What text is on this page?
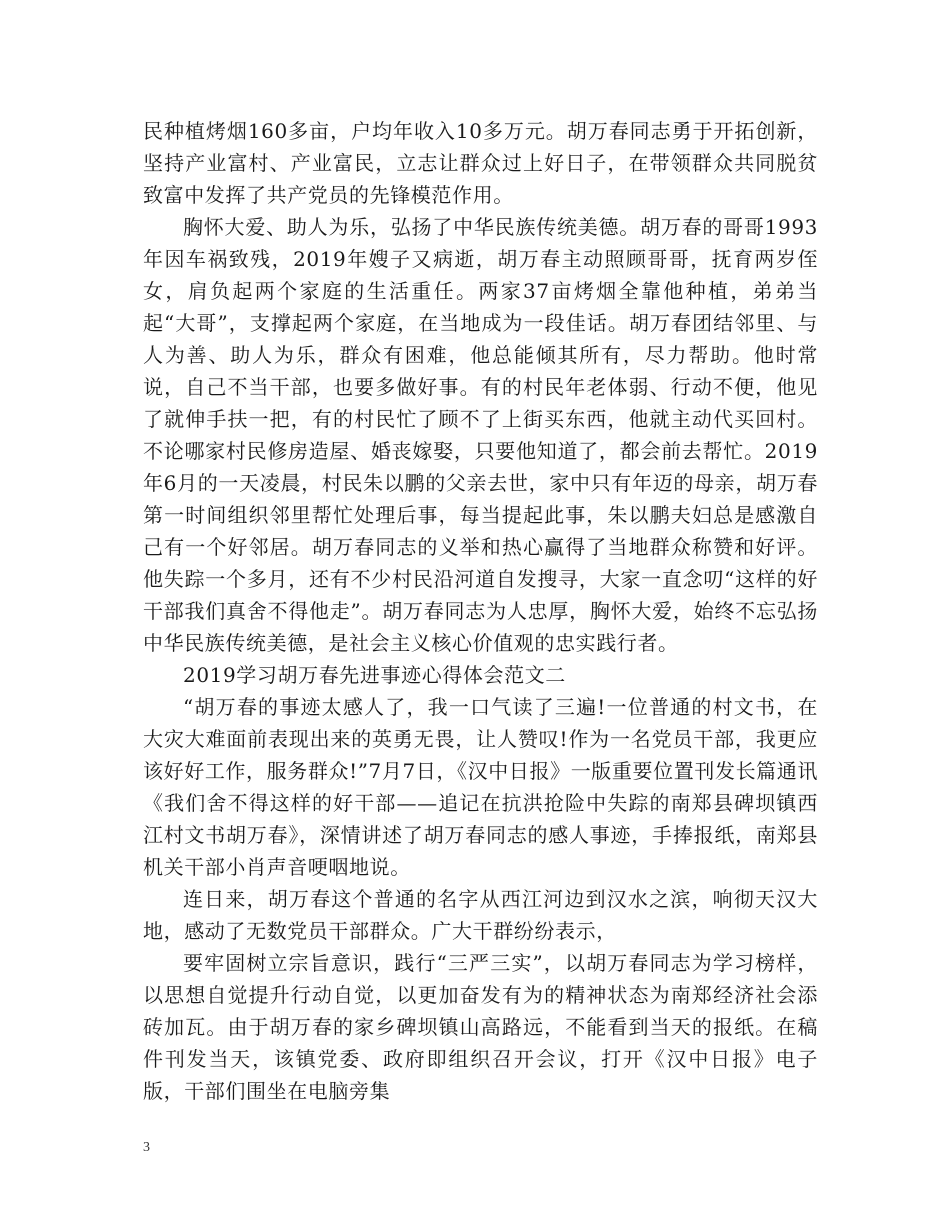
民种植烤烟160多亩，户均年收入10多万元。胡万春同志勇于开拓创新，坚持产业富村、产业富民，立志让群众过上好日子，在带领群众共同脱贫致富中发挥了共产党员的先锋模范作用。

胸怀大爱、助人为乐，弘扬了中华民族传统美德。胡万春的哥哥1993年因车祸致残，2019年嫂子又病逝，胡万春主动照顾哥哥，抚育两岁侄女，肩负起两个家庭的生活重任。两家37亩烤烟全靠他种植，弟弟当起“大哥”，支撑起两个家庭，在当地成为一段佳话。胡万春团结邻里、与人为善、助人为乐，群众有困难，他总能倾其所有，尽力帮助。他时常说，自己不当干部，也要多做好事。有的村民年老体弱、行动不便，他见了就伸手扶一把，有的村民忙了顾不了上街买东西，他就主动代买回村。不论哪家村民修房造屋、婚丧嫁娶，只要他知道了，都会前去帮忙。2019年6月的一天凌晨，村民朱以鹏的父亲去世，家中只有年迈的母亲，胡万春第一时间组织邻里帮忙处理后事，每当提起此事，朱以鹏夫妇总是感激自己有一个好邻居。胡万春同志的义举和热心赢得了当地群众称赞和好评。他失踪一个多月，还有不少村民沿河道自发搜寻，大家一直念叨“这样的好干部我们真舍不得他走”。胡万春同志为人忠厚，胸怀大爱，始终不忘弘扬中华民族传统美德，是社会主义核心价值观的忠实践行者。

2019学习胡万春先进事迹心得体会范文二

“胡万春的事迹太感人了，我一口气读了三遍!一位普通的村文书，在大灾大难面前表现出来的英勇无畏，让人赞叹!作为一名党员干部，我更应该好好工作，服务群众!”7月7日，《汉中日报》一版重要位置刊发长篇通讯《我们舍不得这样的好干部——追记在抗洪抢险中失踪的南郑县碑坝镇西江村文书胡万春》，深情讲述了胡万春同志的感人事迹，手捧报纸，南郑县机关干部小肖声音哽咽地说。

连日来，胡万春这个普通的名字从西江河边到汉水之滨，响彻天汉大地，感动了无数党员干部群众。广大干群纷纷表示，

要牢固树立宗旨意识，践行“三严三实”，以胡万春同志为学习榜样，以思想自觉提升行动自觉，以更加奋发有为的精神状态为南郑经济社会添砖加瓦。由于胡万春的家乡碑坝镇山高路远，不能看到当天的报纸。在稿件刊发当天，该镇党委、政府即组织召开会议，打开《汉中日报》电子版，干部们围坐在电脑旁集

3
